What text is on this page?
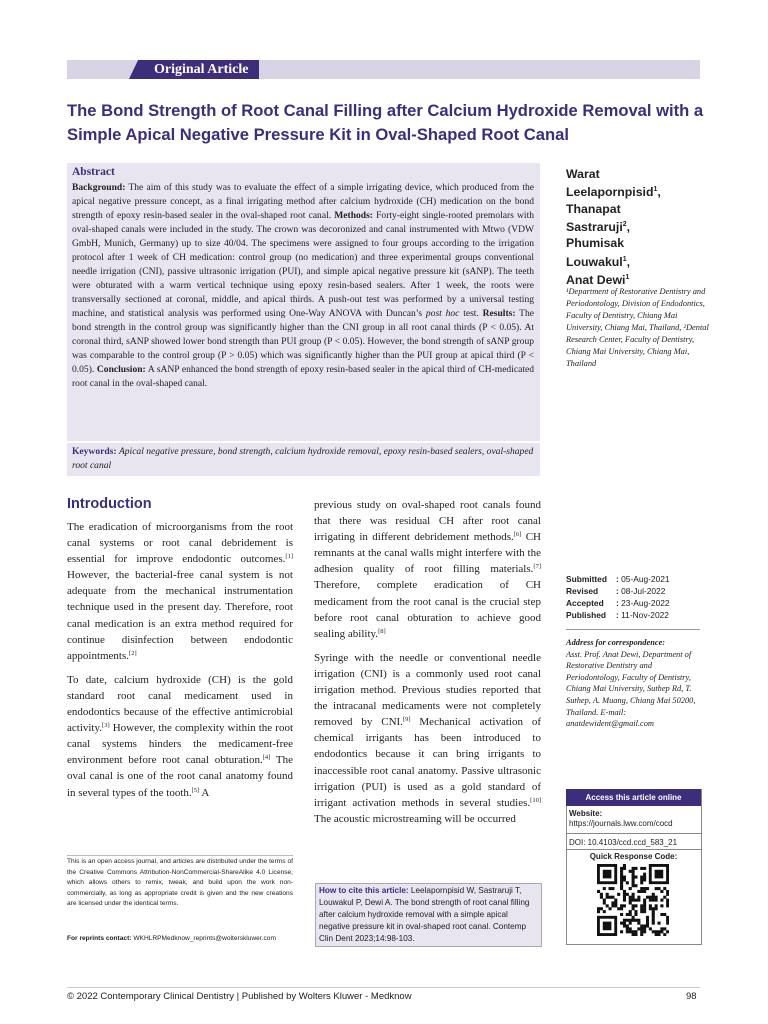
Original Article
The Bond Strength of Root Canal Filling after Calcium Hydroxide Removal with a Simple Apical Negative Pressure Kit in Oval-Shaped Root Canal
Abstract
Background: The aim of this study was to evaluate the effect of a simple irrigating device, which produced from the apical negative pressure concept, as a final irrigating method after calcium hydroxide (CH) medication on the bond strength of epoxy resin-based sealer in the oval-shaped root canal. Methods: Forty-eight single-rooted premolars with oval-shaped canals were included in the study. The crown was decoronized and canal instrumented with Mtwo (VDW GmbH, Munich, Germany) up to size 40/04. The specimens were assigned to four groups according to the irrigation protocol after 1 week of CH medication: control group (no medication) and three experimental groups conventional needle irrigation (CNI), passive ultrasonic irrigation (PUI), and simple apical negative pressure kit (sANP). The teeth were obturated with a warm vertical technique using epoxy resin-based sealers. After 1 week, the roots were transversally sectioned at coronal, middle, and apical thirds. A push-out test was performed by a universal testing machine, and statistical analysis was performed using One-Way ANOVA with Duncan’s post hoc test. Results: The bond strength in the control group was significantly higher than the CNI group in all root canal thirds (P < 0.05). At coronal third, sANP showed lower bond strength than PUI group (P < 0.05). However, the bond strength of sANP group was comparable to the control group (P > 0.05) which was significantly higher than the PUI group at apical third (P < 0.05). Conclusion: A sANP enhanced the bond strength of epoxy resin-based sealer in the apical third of CH-medicated root canal in the oval-shaped canal.
Keywords: Apical negative pressure, bond strength, calcium hydroxide removal, epoxy resin-based sealers, oval-shaped root canal
Warat
Leelapornpisid$^1$,
Thanapat
Sastraruji$^2$,
Phumisak
Louwakul$^1$,
Anat Dewi$^1$
¹Department of Restorative Dentistry and Periodontology, Division of Endodontics, Faculty of Dentistry, Chiang Mai University, Chiang Mai, Thailand, ²Dental Research Center, Faculty of Dentistry, Chiang Mai University, Chiang Mai, Thailand
Submitted : 05-Aug-2021
Revised : 08-Jul-2022
Accepted : 23-Aug-2022
Published : 11-Nov-2022
Address for correspondence:
Asst. Prof. Anat Dewi, Department of Restorative Dentistry and Periodontology, Faculty of Dentistry, Chiang Mai University, Suthep Rd, T. Suthep, A. Muang, Chiang Mai 50200, Thailand. E-mail: anatdewident@gmail.com
Access this article online
Website:
https://journals.lww.com/cocd
DOI: 10.4103/ccd.ccd_583_21
Quick Response Code:
Introduction

The eradication of microorganisms from the root canal systems or root canal debridement is essential for improve endodontic outcomes.[1] However, the bacterial-free canal system is not adequate from the mechanical instrumentation technique used in the present day. Therefore, root canal medication is an extra method required for continue disinfection between endodontic appointments.[2]

To date, calcium hydroxide (CH) is the gold standard root canal medicament used in endodontics because of the effective antimicrobial activity.[3] However, the complexity within the root canal systems hinders the medicament-free environment before root canal obturation.[4] The oval canal is one of the root canal anatomy found in several types of the tooth.[5] A

previous study on oval-shaped root canals found that there was residual CH after root canal irrigating in different debridement methods.[6] CH remnants at the canal walls might interfere with the adhesion quality of root filling materials.[7] Therefore, complete eradication of CH medicament from the root canal is the crucial step before root canal obturation to achieve good sealing ability.[8]

Syringe with the needle or conventional needle irrigation (CNI) is a commonly used root canal irrigation method. Previous studies reported that the intracanal medicaments were not completely removed by CNI.[9] Mechanical activation of chemical irrigants has been introduced to endodontics because it can bring irrigants to inaccessible root canal anatomy. Passive ultrasonic irrigation (PUI) is used as a gold standard of irrigant activation methods in several studies.[10] The acoustic microstreaming will be occurred

This is an open access journal, and articles are distributed under the terms of the Creative Commons Attribution-NonCommercial-ShareAlike 4.0 License, which allows others to remix, tweak, and build upon the work non-commercially, as long as appropriate credit is given and the new creations are licensed under the identical terms.
For reprints contact: WKHLRPMedknow_reprints@wolterskluwer.com
How to cite this article: Leelapornpisid W, Sastraruji T, Louwakul P, Dewi A. The bond strength of root canal filling after calcium hydroxide removal with a simple apical negative pressure kit in oval-shaped root canal. Contemp Clin Dent 2023;14:98-103.
© 2022 Contemporary Clinical Dentistry | Published by Wolters Kluwer - Medknow	98
